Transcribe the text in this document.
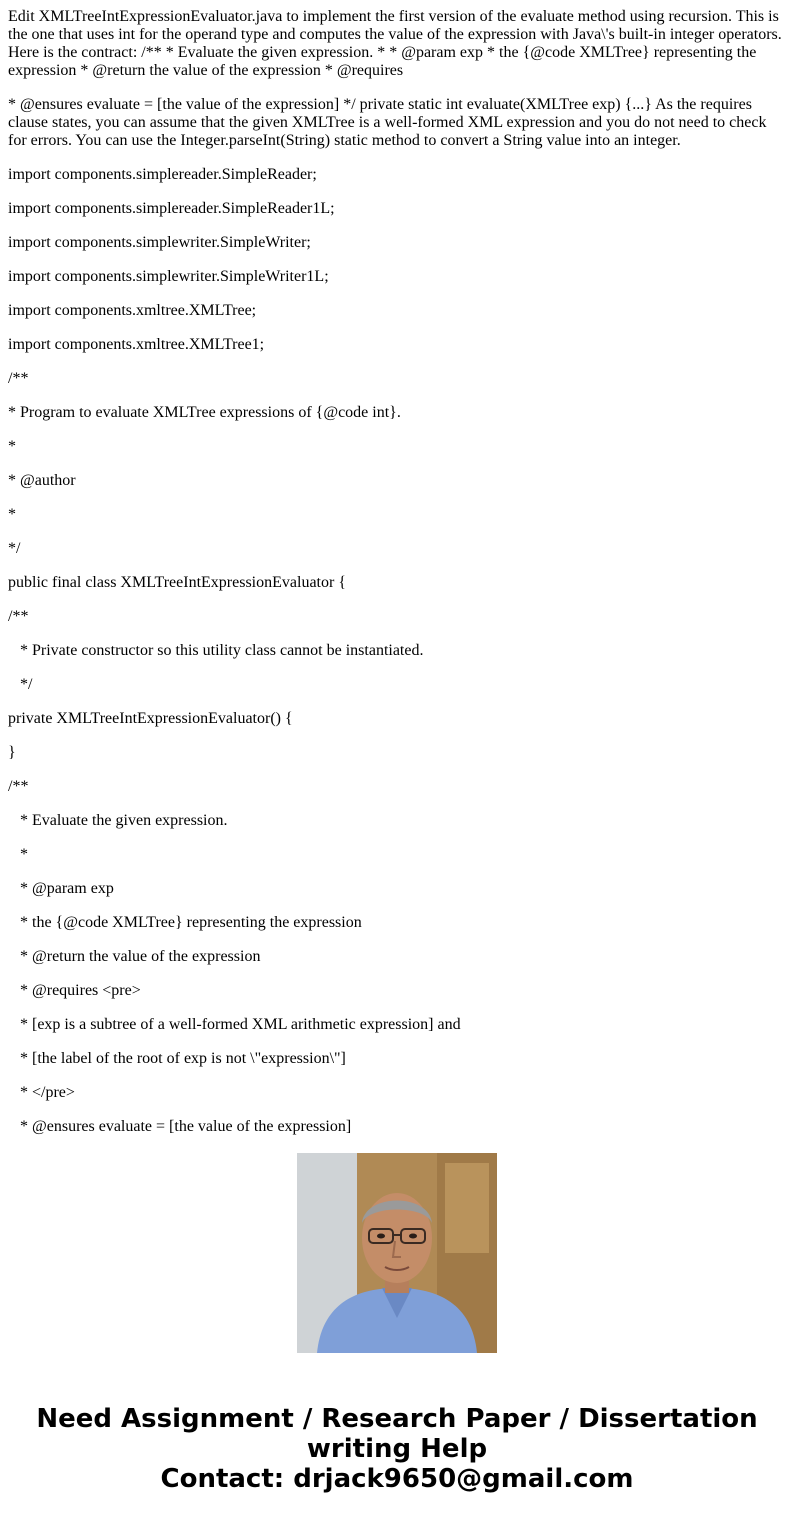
Edit XMLTreeIntExpressionEvaluator.java to implement the first version of the evaluate method using recursion. This is the one that uses int for the operand type and computes the value of the expression with Java\'s built-in integer operators. Here is the contract: /** * Evaluate the given expression. * * @param exp * the {@code XMLTree} representing the expression * @return the value of the expression * @requires

* @ensures evaluate = [the value of the expression] */ private static int evaluate(XMLTree exp) {...} As the requires clause states, you can assume that the given XMLTree is a well-formed XML expression and you do not need to check for errors. You can use the Integer.parseInt(String) static method to convert a String value into an integer.

import components.simplereader.SimpleReader;

import components.simplereader.SimpleReader1L;

import components.simplewriter.SimpleWriter;

import components.simplewriter.SimpleWriter1L;

import components.xmltree.XMLTree;

import components.xmltree.XMLTree1;

/**

* Program to evaluate XMLTree expressions of {@code int}.

*

* @author

*

*/

public final class XMLTreeIntExpressionEvaluator {

/**

* Private constructor so this utility class cannot be instantiated.

*/

private XMLTreeIntExpressionEvaluator() {

}

/**

* Evaluate the given expression.

*

* @param exp

* the {@code XMLTree} representing the expression

* @return the value of the expression

* @requires <pre>

* [exp is a subtree of a well-formed XML arithmetic expression] and

* [the label of the root of exp is not \"expression\"]

* </pre>

* @ensures evaluate = [the value of the expression]

Need Assignment / Research Paper / Dissertation
writing Help
Contact: drjack9650@gmail.com
